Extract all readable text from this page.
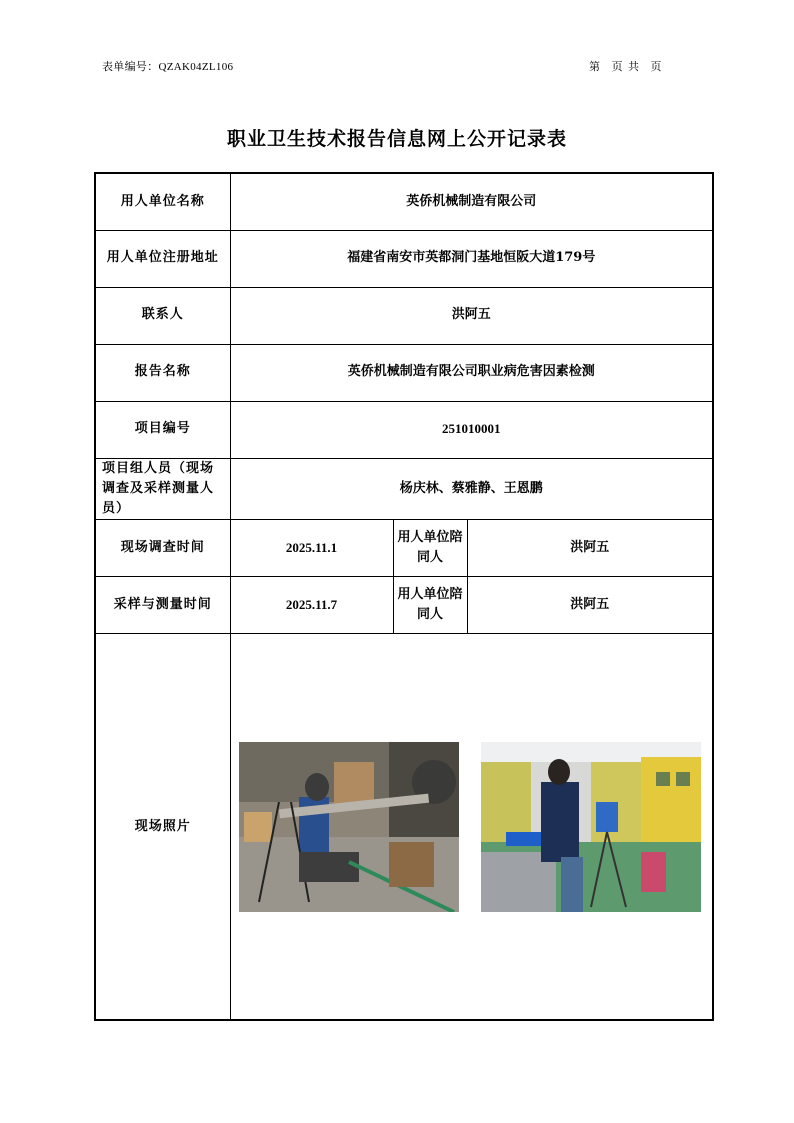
表单编号：QZAK04ZL106	第　页 共　页
职业卫生技术报告信息网上公开记录表
用人单位名称	英侨机械制造有限公司		
用人单位注册地址	福建省南安市英都洞门基地恒阪大道179号		
联系人	洪阿五		
报告名称	英侨机械制造有限公司职业病危害因素检测		
项目编号	251010001		
项目组人员（现场调查及采样测量人员）	杨庆林、蔡雅静、王恩鹏		
现场调查时间	2025.11.1	用人单位陪同人	洪阿五
采样与测量时间	2025.11.7	用人单位陪同人	洪阿五
现场照片	
